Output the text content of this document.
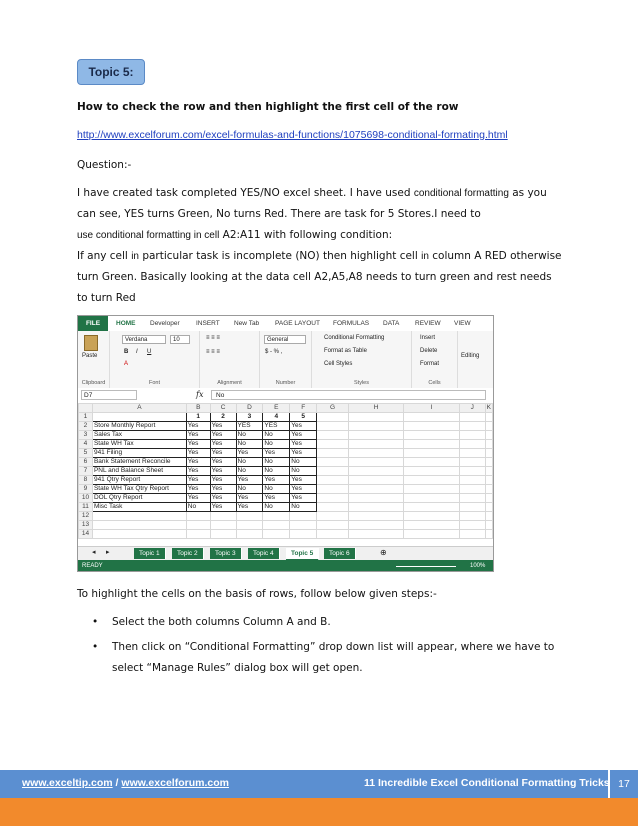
Topic 5:
How to check the row and then highlight the first cell of the row
http://www.excelforum.com/excel-formulas-and-functions/1075698-conditional-formating.html
Question:-
I have created task completed YES/NO excel sheet. I have used conditional formatting as you
can see, YES turns Green, No turns Red. There are task for 5 Stores.I need to
use conditional formatting in cell A2:A11 with following condition:
If any cell in particular task is incomplete (NO) then highlight cell in column A RED otherwise
turn Green. Basically looking at the data cell A2,A5,A8 needs to turn green and rest needs
to turn Red
FILE	HOME Developer	INSERT New Tab PAGE LAYOUT FORMULAS DATA REVIEW VIEW
Paste
Clipboard
Verdana	10
B I U
A
Font
≡ ≡ ≡
≡ ≡ ≡
Alignment
General
$ - % ,
Number
Conditional Formatting
Format as Table
Cell Styles
Styles
Insert
Delete
Format
Cells
Editing
D7	fx	No
	A	B	C	D	E	F	G	H	I	J	K
1		1	2	3	4	5					
2	Store Monthly Report	Yes	Yes	YES	YES	Yes					
3	Sales Tax	Yes	Yes	No	No	Yes					
4	State WH Tax	Yes	Yes	No	No	Yes					
5	941 Filing	Yes	Yes	Yes	Yes	Yes					
6	Bank Statement Reconcile	Yes	Yes	No	No	No					
7	PNL and Balance Sheet	Yes	Yes	No	No	No					
8	941 Qtry Report	Yes	Yes	Yes	Yes	Yes					
9	State WH Tax Qtry Report	Yes	Yes	No	No	Yes					
10	DOL Qtry Report	Yes	Yes	Yes	Yes	Yes					
11	Misc Task	No	Yes	Yes	No	No					
12											
13											
14											
◂ ▸	Topic 1	Topic 2	Topic 3	Topic 4	Topic 5	Topic 6	⊕
READY	100%
To highlight the cells on the basis of rows, follow below given steps:-
• Select the both columns Column A and B.
• Then click on “Conditional Formatting” drop down list will appear, where we have to select “Manage Rules” dialog box will get open.
www.exceltip.com / www.excelforum.com	11 Incredible Excel Conditional Formatting Tricks 17
